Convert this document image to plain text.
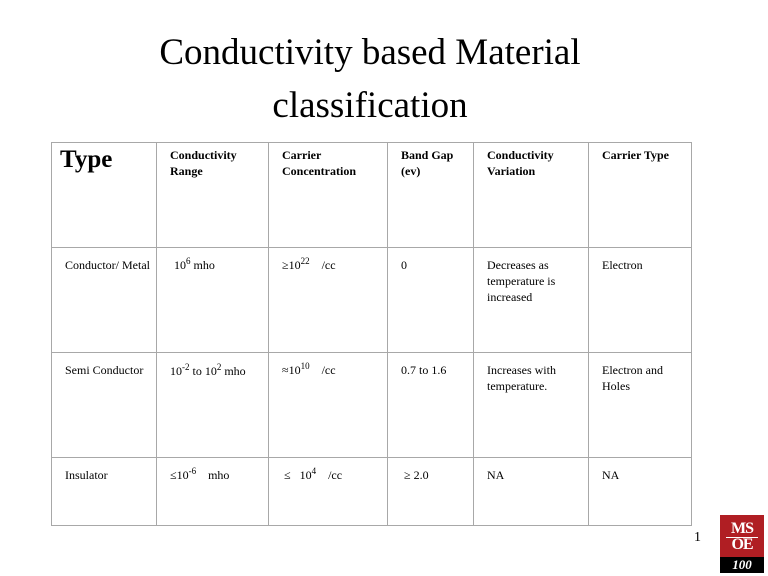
Conductivity based Material
classification
Type	Conductivity Range	Carrier Concentration	Band Gap (ev)	Conductivity Variation	Carrier Type
Conductor/ Metal	$10^6$ mho	$\ge 10^{22}$    /cc	0	Decreases as temperature is increased	Electron
Semi Conductor	$10^{-2}$ to $10^2$ mho	$\approx 10^{10}$    /cc	0.7 to 1.6	Increases with temperature.	Electron and Holes
Insulator	$\le 10^{-6}$    mho	≤   $10^4$    /cc	≥ 2.0	NA	NA
1
MS
OE
100
